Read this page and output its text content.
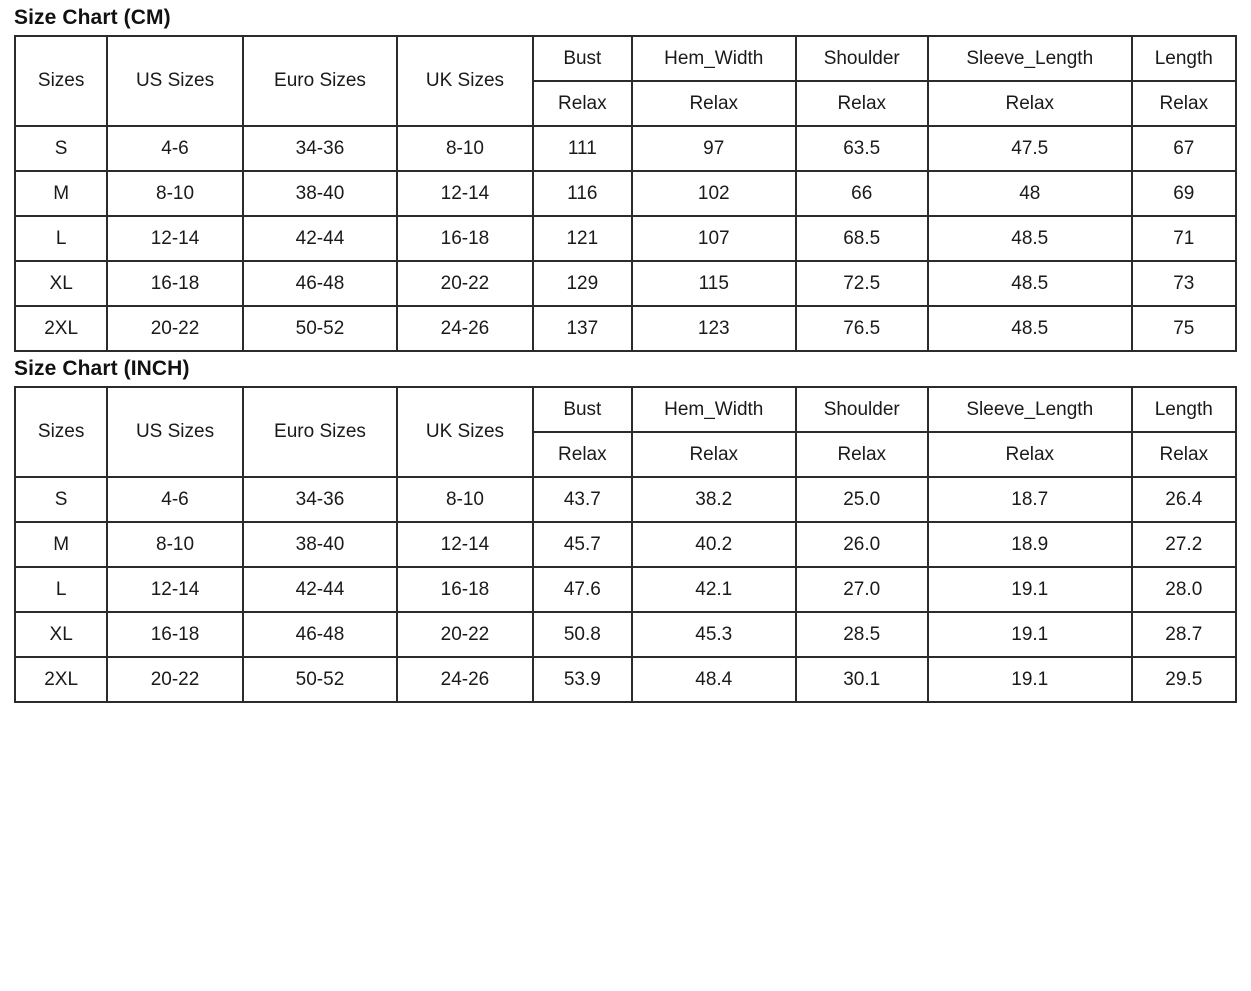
Size Chart (CM)
Sizes	US Sizes	Euro Sizes	UK Sizes	Bust	Hem_Width	Shoulder	Sleeve_Length	Length
				Relax	Relax	Relax	Relax	Relax
S	4-6	34-36	8-10	111	97	63.5	47.5	67
M	8-10	38-40	12-14	116	102	66	48	69
L	12-14	42-44	16-18	121	107	68.5	48.5	71
XL	16-18	46-48	20-22	129	115	72.5	48.5	73
2XL	20-22	50-52	24-26	137	123	76.5	48.5	75
Size Chart (INCH)
Sizes	US Sizes	Euro Sizes	UK Sizes	Bust	Hem_Width	Shoulder	Sleeve_Length	Length
				Relax	Relax	Relax	Relax	Relax
S	4-6	34-36	8-10	43.7	38.2	25.0	18.7	26.4
M	8-10	38-40	12-14	45.7	40.2	26.0	18.9	27.2
L	12-14	42-44	16-18	47.6	42.1	27.0	19.1	28.0
XL	16-18	46-48	20-22	50.8	45.3	28.5	19.1	28.7
2XL	20-22	50-52	24-26	53.9	48.4	30.1	19.1	29.5
